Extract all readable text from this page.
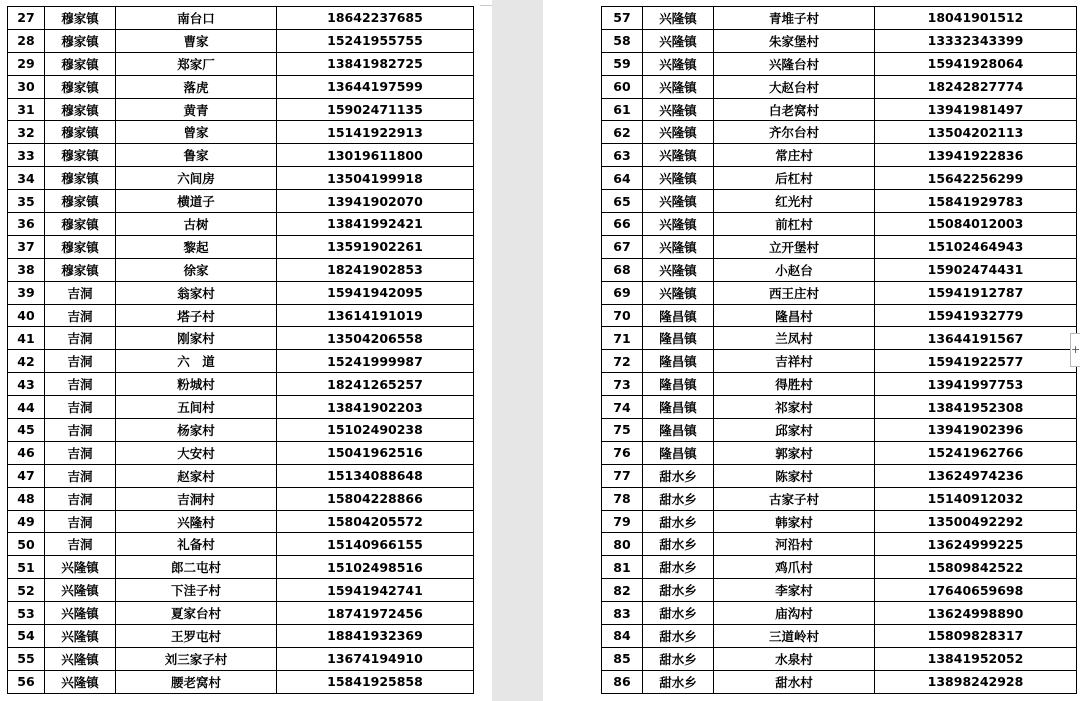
27	穆家镇	南台口	18642237685
28	穆家镇	曹家	15241955755
29	穆家镇	郑家厂	13841982725
30	穆家镇	落虎	13644197599
31	穆家镇	黄青	15902471135
32	穆家镇	曾家	15141922913
33	穆家镇	鲁家	13019611800
34	穆家镇	六间房	13504199918
35	穆家镇	横道子	13941902070
36	穆家镇	古树	13841992421
37	穆家镇	黎起	13591902261
38	穆家镇	徐家	18241902853
39	吉洞	翁家村	15941942095
40	吉洞	塔子村	13614191019
41	吉洞	刚家村	13504206558
42	吉洞	六　道	15241999987
43	吉洞	粉城村	18241265257
44	吉洞	五间村	13841902203
45	吉洞	杨家村	15102490238
46	吉洞	大安村	15041962516
47	吉洞	赵家村	15134088648
48	吉洞	吉洞村	15804228866
49	吉洞	兴隆村	15804205572
50	吉洞	礼备村	15140966155
51	兴隆镇	郎二屯村	15102498516
52	兴隆镇	下洼子村	15941942741
53	兴隆镇	夏家台村	18741972456
54	兴隆镇	王罗屯村	18841932369
55	兴隆镇	刘三家子村	13674194910
56	兴隆镇	腰老窝村	15841925858
57	兴隆镇	青堆子村	18041901512
58	兴隆镇	朱家堡村	13332343399
59	兴隆镇	兴隆台村	15941928064
60	兴隆镇	大赵台村	18242827774
61	兴隆镇	白老窝村	13941981497
62	兴隆镇	齐尔台村	13504202113
63	兴隆镇	常庄村	13941922836
64	兴隆镇	后杠村	15642256299
65	兴隆镇	红光村	15841929783
66	兴隆镇	前杠村	15084012003
67	兴隆镇	立开堡村	15102464943
68	兴隆镇	小赵台	15902474431
69	兴隆镇	西王庄村	15941912787
70	隆昌镇	隆昌村	15941932779
71	隆昌镇	兰凤村	13644191567
72	隆昌镇	吉祥村	15941922577
73	隆昌镇	得胜村	13941997753
74	隆昌镇	祁家村	13841952308
75	隆昌镇	邱家村	13941902396
76	隆昌镇	郭家村	15241962766
77	甜水乡	陈家村	13624974236
78	甜水乡	古家子村	15140912032
79	甜水乡	韩家村	13500492292
80	甜水乡	河沿村	13624999225
81	甜水乡	鸡爪村	15809842522
82	甜水乡	李家村	17640659698
83	甜水乡	庙沟村	13624998890
84	甜水乡	三道岭村	15809828317
85	甜水乡	水泉村	13841952052
86	甜水乡	甜水村	13898242928
+
